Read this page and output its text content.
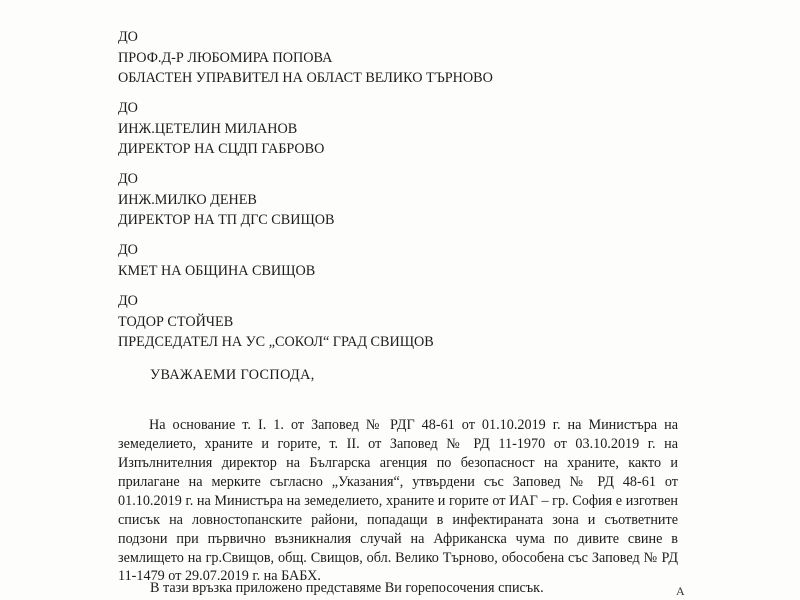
ДО
ПРОФ.Д-Р ЛЮБОМИРА ПОПОВА
ОБЛАСТЕН УПРАВИТЕЛ НА ОБЛАСТ ВЕЛИКО ТЪРНОВО
ДО
ИНЖ.ЦЕТЕЛИН МИЛАНОВ
ДИРЕКТОР НА СЦДП ГАБРОВО
ДО
ИНЖ.МИЛКО ДЕНЕВ
ДИРЕКТОР НА ТП ДГС СВИЩОВ
ДО
КМЕТ НА ОБЩИНА СВИЩОВ
ДО
ТОДОР СТОЙЧЕВ
ПРЕДСЕДАТЕЛ НА УС „СОКОЛ“ ГРАД СВИЩОВ
УВАЖАЕМИ ГОСПОДА,

На основание т. I. 1. от Заповед № РДГ 48-61 от 01.10.2019 г. на Министъра на земеделието, храните и горите, т. II. от Заповед № РД 11-1970 от 03.10.2019 г. на Изпълнителния директор на Българска агенция по безопасност на храните, както и прилагане на мерките съгласно „Указания“, утвърдени със Заповед № РД 48-61 от 01.10.2019 г. на Министъра на земеделието, храните и горите от ИАГ – гр. София е изготвен списък на ловностопанските райони, попадащи в инфектираната зона и съответните подзони при първично възникналия случай на Африканска чума по дивите свине в землището на гр.Свищов, общ. Свищов, обл. Велико Търново, обособена със Заповед № РД 11-1479 от 29.07.2019 г. на БАБХ.

В тази връзка приложено представяме Ви горепосочения списък.	А
